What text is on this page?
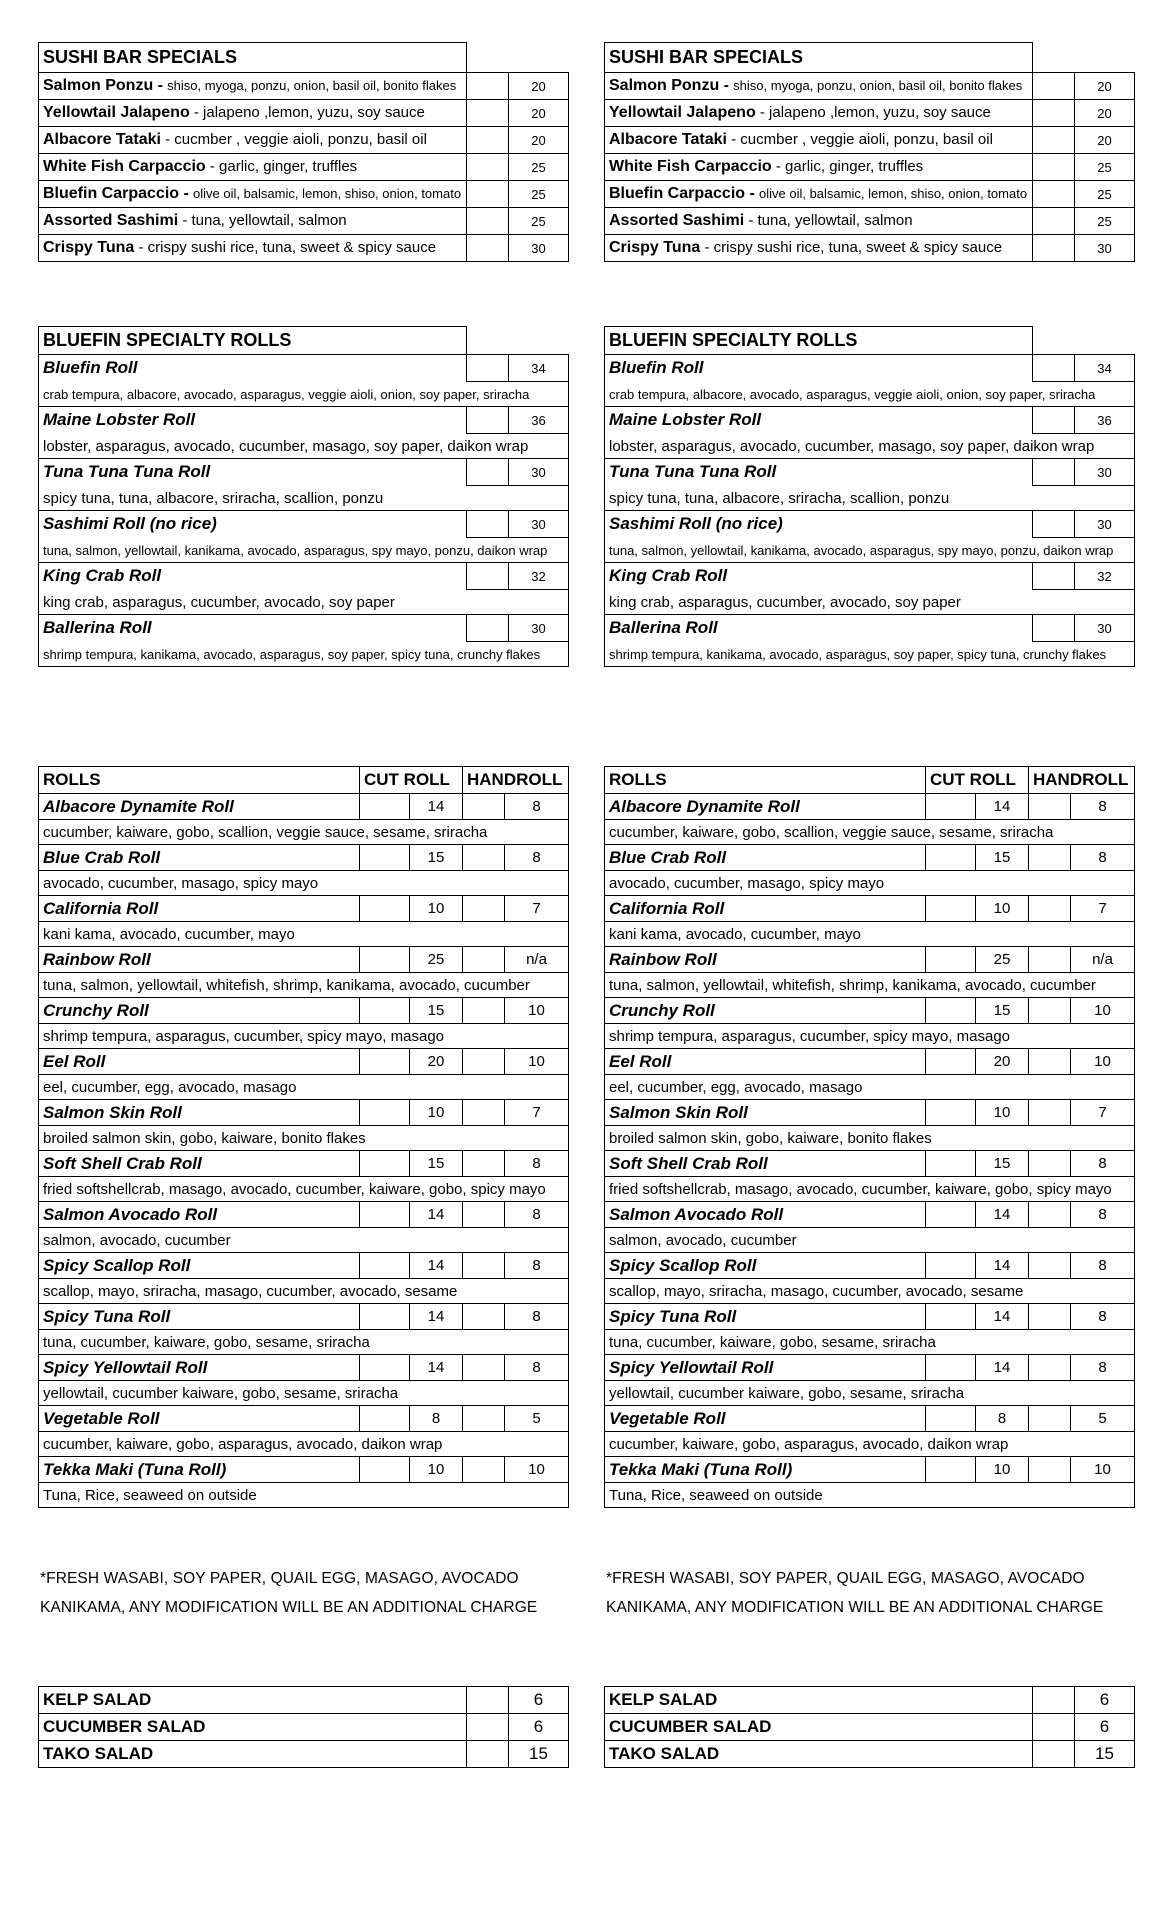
SUSHI BAR SPECIALS		
Salmon Ponzu - shiso, myoga, ponzu, onion, basil oil, bonito flakes		20
Yellowtail Jalapeno - jalapeno ,lemon, yuzu, soy sauce		20
Albacore Tataki - cucmber , veggie aioli, ponzu, basil oil		20
White Fish Carpaccio - garlic, ginger, truffles		25
Bluefin Carpaccio - olive oil, balsamic, lemon, shiso, onion, tomato		25
Assorted Sashimi - tuna, yellowtail, salmon		25
Crispy Tuna - crispy sushi rice, tuna, sweet & spicy sauce		30
BLUEFIN SPECIALTY ROLLS		
Bluefin Roll		34
crab tempura, albacore, avocado, asparagus, veggie aioli, onion, soy paper, sriracha		
Maine Lobster Roll		36
lobster, asparagus, avocado, cucumber, masago, soy paper, daikon wrap		
Tuna Tuna Tuna Roll		30
spicy tuna, tuna, albacore, sriracha, scallion, ponzu		
Sashimi Roll (no rice)		30
tuna, salmon, yellowtail, kanikama, avocado, asparagus, spy mayo, ponzu, daikon wrap		
King Crab Roll		32
king crab, asparagus, cucumber, avocado, soy paper		
Ballerina Roll		30
shrimp tempura, kanikama, avocado, asparagus, soy paper, spicy tuna, crunchy flakes		
ROLLS	CUT ROLL		HANDROLL	
Albacore Dynamite Roll		14		8
cucumber, kaiware, gobo, scallion, veggie sauce, sesame, sriracha				
Blue Crab Roll		15		8
avocado, cucumber, masago, spicy mayo				
California Roll		10		7
kani kama, avocado, cucumber, mayo				
Rainbow Roll		25		n/a
tuna, salmon, yellowtail, whitefish, shrimp, kanikama, avocado, cucumber				
Crunchy Roll		15		10
shrimp tempura, asparagus, cucumber, spicy mayo, masago				
Eel Roll		20		10
eel, cucumber, egg, avocado, masago				
Salmon Skin Roll		10		7
broiled salmon skin, gobo, kaiware, bonito flakes				
Soft Shell Crab Roll		15		8
fried softshellcrab, masago, avocado, cucumber, kaiware, gobo, spicy mayo				
Salmon Avocado Roll		14		8
salmon, avocado, cucumber				
Spicy Scallop Roll		14		8
scallop, mayo, sriracha, masago, cucumber, avocado, sesame				
Spicy Tuna Roll		14		8
tuna, cucumber, kaiware, gobo, sesame, sriracha				
Spicy Yellowtail Roll		14		8
yellowtail, cucumber kaiware, gobo, sesame, sriracha				
Vegetable Roll		8		5
cucumber, kaiware, gobo, asparagus, avocado, daikon wrap				
Tekka Maki (Tuna Roll)		10		10
Tuna, Rice, seaweed on outside				
*FRESH WASABI, SOY PAPER, QUAIL EGG, MASAGO, AVOCADO
KANIKAMA, ANY MODIFICATION WILL BE AN ADDITIONAL CHARGE
KELP SALAD		6
CUCUMBER SALAD		6
TAKO SALAD		15
SUSHI BAR SPECIALS		
Salmon Ponzu - shiso, myoga, ponzu, onion, basil oil, bonito flakes		20
Yellowtail Jalapeno - jalapeno ,lemon, yuzu, soy sauce		20
Albacore Tataki - cucmber , veggie aioli, ponzu, basil oil		20
White Fish Carpaccio - garlic, ginger, truffles		25
Bluefin Carpaccio - olive oil, balsamic, lemon, shiso, onion, tomato		25
Assorted Sashimi - tuna, yellowtail, salmon		25
Crispy Tuna - crispy sushi rice, tuna, sweet & spicy sauce		30
BLUEFIN SPECIALTY ROLLS		
Bluefin Roll		34
crab tempura, albacore, avocado, asparagus, veggie aioli, onion, soy paper, sriracha		
Maine Lobster Roll		36
lobster, asparagus, avocado, cucumber, masago, soy paper, daikon wrap		
Tuna Tuna Tuna Roll		30
spicy tuna, tuna, albacore, sriracha, scallion, ponzu		
Sashimi Roll (no rice)		30
tuna, salmon, yellowtail, kanikama, avocado, asparagus, spy mayo, ponzu, daikon wrap		
King Crab Roll		32
king crab, asparagus, cucumber, avocado, soy paper		
Ballerina Roll		30
shrimp tempura, kanikama, avocado, asparagus, soy paper, spicy tuna, crunchy flakes		
ROLLS	CUT ROLL		HANDROLL	
Albacore Dynamite Roll		14		8
cucumber, kaiware, gobo, scallion, veggie sauce, sesame, sriracha				
Blue Crab Roll		15		8
avocado, cucumber, masago, spicy mayo				
California Roll		10		7
kani kama, avocado, cucumber, mayo				
Rainbow Roll		25		n/a
tuna, salmon, yellowtail, whitefish, shrimp, kanikama, avocado, cucumber				
Crunchy Roll		15		10
shrimp tempura, asparagus, cucumber, spicy mayo, masago				
Eel Roll		20		10
eel, cucumber, egg, avocado, masago				
Salmon Skin Roll		10		7
broiled salmon skin, gobo, kaiware, bonito flakes				
Soft Shell Crab Roll		15		8
fried softshellcrab, masago, avocado, cucumber, kaiware, gobo, spicy mayo				
Salmon Avocado Roll		14		8
salmon, avocado, cucumber				
Spicy Scallop Roll		14		8
scallop, mayo, sriracha, masago, cucumber, avocado, sesame				
Spicy Tuna Roll		14		8
tuna, cucumber, kaiware, gobo, sesame, sriracha				
Spicy Yellowtail Roll		14		8
yellowtail, cucumber kaiware, gobo, sesame, sriracha				
Vegetable Roll		8		5
cucumber, kaiware, gobo, asparagus, avocado, daikon wrap				
Tekka Maki (Tuna Roll)		10		10
Tuna, Rice, seaweed on outside				
*FRESH WASABI, SOY PAPER, QUAIL EGG, MASAGO, AVOCADO
KANIKAMA, ANY MODIFICATION WILL BE AN ADDITIONAL CHARGE
KELP SALAD		6
CUCUMBER SALAD		6
TAKO SALAD		15
